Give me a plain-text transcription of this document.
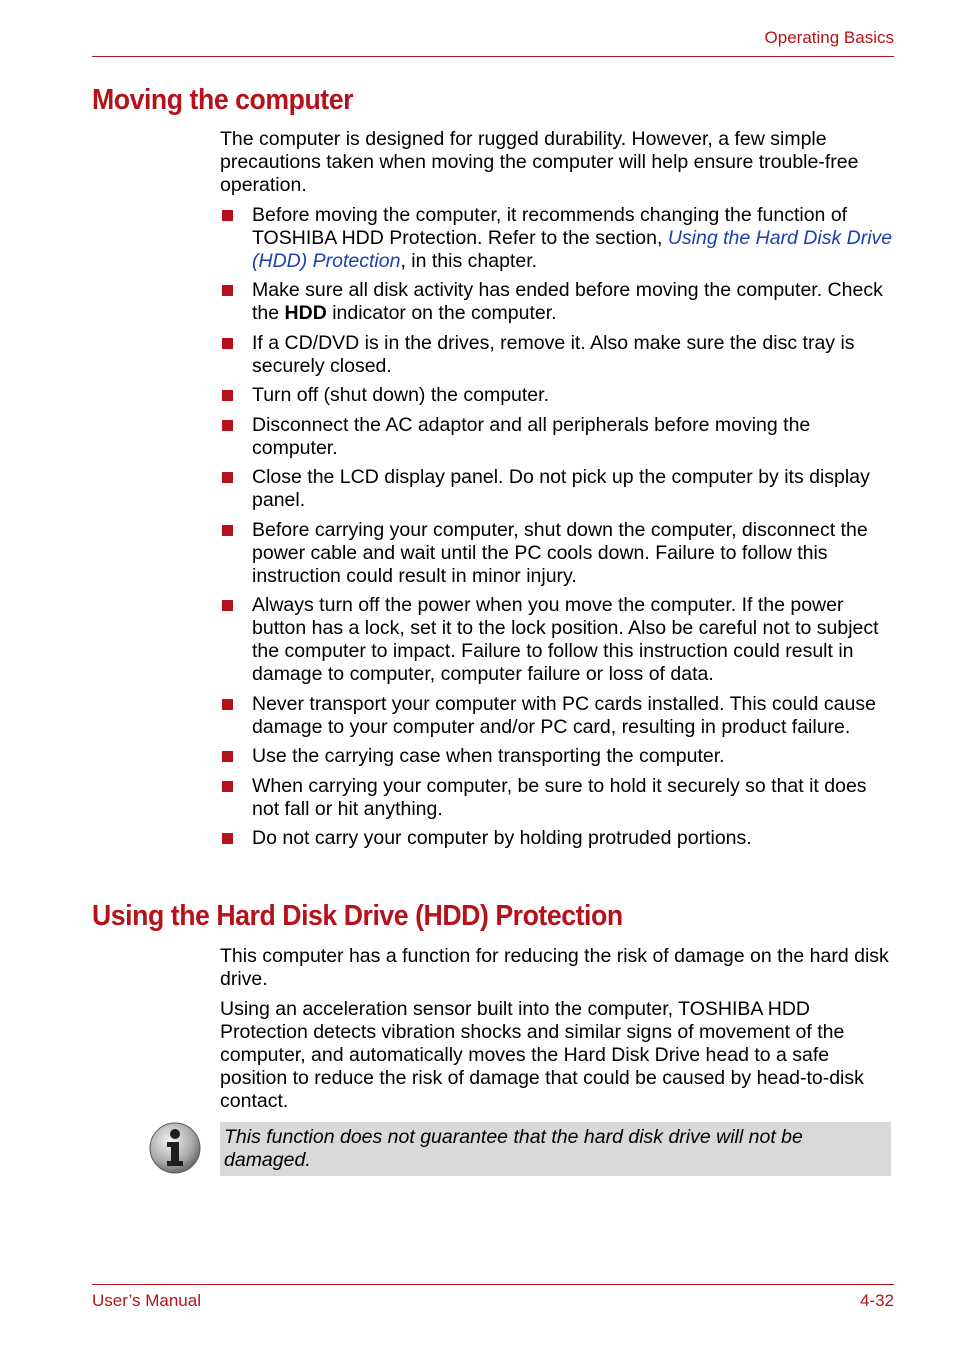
Operating Basics
Moving the computer

The computer is designed for rugged durability. However, a few simple precautions taken when moving the computer will help ensure trouble-free operation.

Before moving the computer, it recommends changing the function of TOSHIBA HDD Protection. Refer to the section, Using the Hard Disk Drive (HDD) Protection, in this chapter.
Make sure all disk activity has ended before moving the computer. Check the HDD indicator on the computer.
If a CD/DVD is in the drives, remove it. Also make sure the disc tray is securely closed.
Turn off (shut down) the computer.
Disconnect the AC adaptor and all peripherals before moving the computer.
Close the LCD display panel. Do not pick up the computer by its display panel.
Before carrying your computer, shut down the computer, disconnect the power cable and wait until the PC cools down. Failure to follow this instruction could result in minor injury.
Always turn off the power when you move the computer. If the power button has a lock, set it to the lock position. Also be careful not to subject the computer to impact. Failure to follow this instruction could result in damage to computer, computer failure or loss of data.
Never transport your computer with PC cards installed. This could cause damage to your computer and/or PC card, resulting in product failure.
Use the carrying case when transporting the computer.
When carrying your computer, be sure to hold it securely so that it does not fall or hit anything.
Do not carry your computer by holding protruded portions.
Using the Hard Disk Drive (HDD) Protection

This computer has a function for reducing the risk of damage on the hard disk drive.

Using an acceleration sensor built into the computer, TOSHIBA HDD Protection detects vibration shocks and similar signs of movement of the computer, and automatically moves the Hard Disk Drive head to a safe position to reduce the risk of damage that could be caused by head-to-disk contact.

This function does not guarantee that the hard disk drive will not be damaged.
User’s Manual	4-32
